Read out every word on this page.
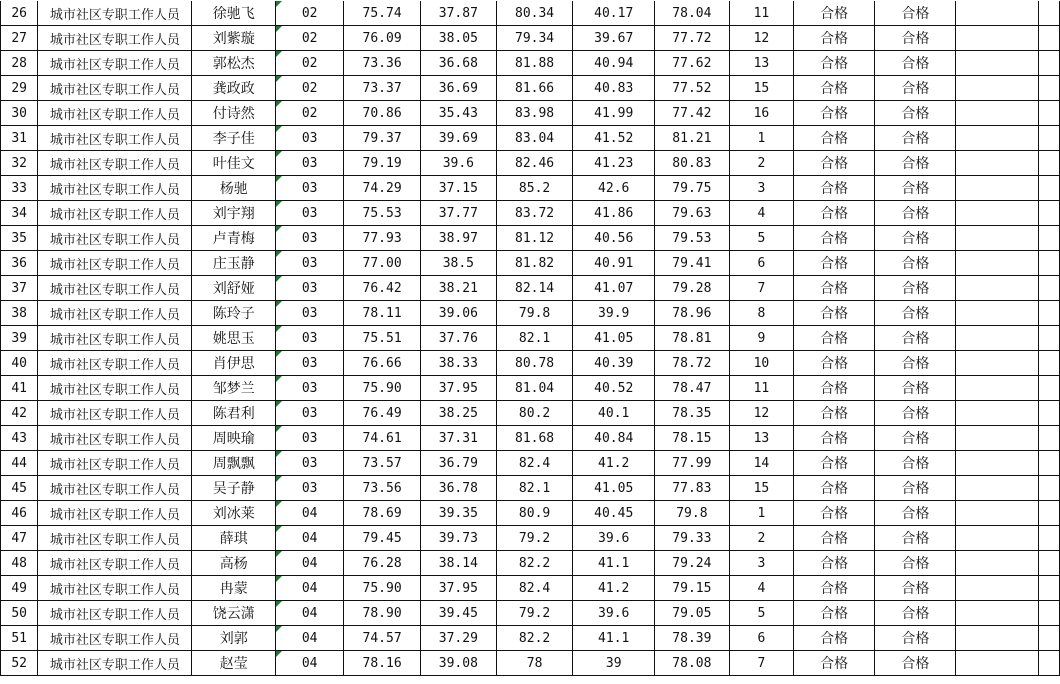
26	城市社区专职工作人员	徐驰飞	02	75.74	37.87	80.34	40.17	78.04	11	合格	合格		
27	城市社区专职工作人员	刘紫璇	02	76.09	38.05	79.34	39.67	77.72	12	合格	合格		
28	城市社区专职工作人员	郭松杰	02	73.36	36.68	81.88	40.94	77.62	13	合格	合格		
29	城市社区专职工作人员	龚政政	02	73.37	36.69	81.66	40.83	77.52	15	合格	合格		
30	城市社区专职工作人员	付诗然	02	70.86	35.43	83.98	41.99	77.42	16	合格	合格		
31	城市社区专职工作人员	李子佳	03	79.37	39.69	83.04	41.52	81.21	1	合格	合格		
32	城市社区专职工作人员	叶佳文	03	79.19	39.6	82.46	41.23	80.83	2	合格	合格		
33	城市社区专职工作人员	杨驰	03	74.29	37.15	85.2	42.6	79.75	3	合格	合格		
34	城市社区专职工作人员	刘宇翔	03	75.53	37.77	83.72	41.86	79.63	4	合格	合格		
35	城市社区专职工作人员	卢青梅	03	77.93	38.97	81.12	40.56	79.53	5	合格	合格		
36	城市社区专职工作人员	庄玉静	03	77.00	38.5	81.82	40.91	79.41	6	合格	合格		
37	城市社区专职工作人员	刘舒娅	03	76.42	38.21	82.14	41.07	79.28	7	合格	合格		
38	城市社区专职工作人员	陈玲子	03	78.11	39.06	79.8	39.9	78.96	8	合格	合格		
39	城市社区专职工作人员	姚思玉	03	75.51	37.76	82.1	41.05	78.81	9	合格	合格		
40	城市社区专职工作人员	肖伊思	03	76.66	38.33	80.78	40.39	78.72	10	合格	合格		
41	城市社区专职工作人员	邹梦兰	03	75.90	37.95	81.04	40.52	78.47	11	合格	合格		
42	城市社区专职工作人员	陈君利	03	76.49	38.25	80.2	40.1	78.35	12	合格	合格		
43	城市社区专职工作人员	周映瑜	03	74.61	37.31	81.68	40.84	78.15	13	合格	合格		
44	城市社区专职工作人员	周飘飘	03	73.57	36.79	82.4	41.2	77.99	14	合格	合格		
45	城市社区专职工作人员	吴子静	03	73.56	36.78	82.1	41.05	77.83	15	合格	合格		
46	城市社区专职工作人员	刘冰莱	04	78.69	39.35	80.9	40.45	79.8	1	合格	合格		
47	城市社区专职工作人员	薛琪	04	79.45	39.73	79.2	39.6	79.33	2	合格	合格		
48	城市社区专职工作人员	高杨	04	76.28	38.14	82.2	41.1	79.24	3	合格	合格		
49	城市社区专职工作人员	冉蒙	04	75.90	37.95	82.4	41.2	79.15	4	合格	合格		
50	城市社区专职工作人员	饶云潇	04	78.90	39.45	79.2	39.6	79.05	5	合格	合格		
51	城市社区专职工作人员	刘郭	04	74.57	37.29	82.2	41.1	78.39	6	合格	合格		
52	城市社区专职工作人员	赵莹	04	78.16	39.08	78	39	78.08	7	合格	合格		
